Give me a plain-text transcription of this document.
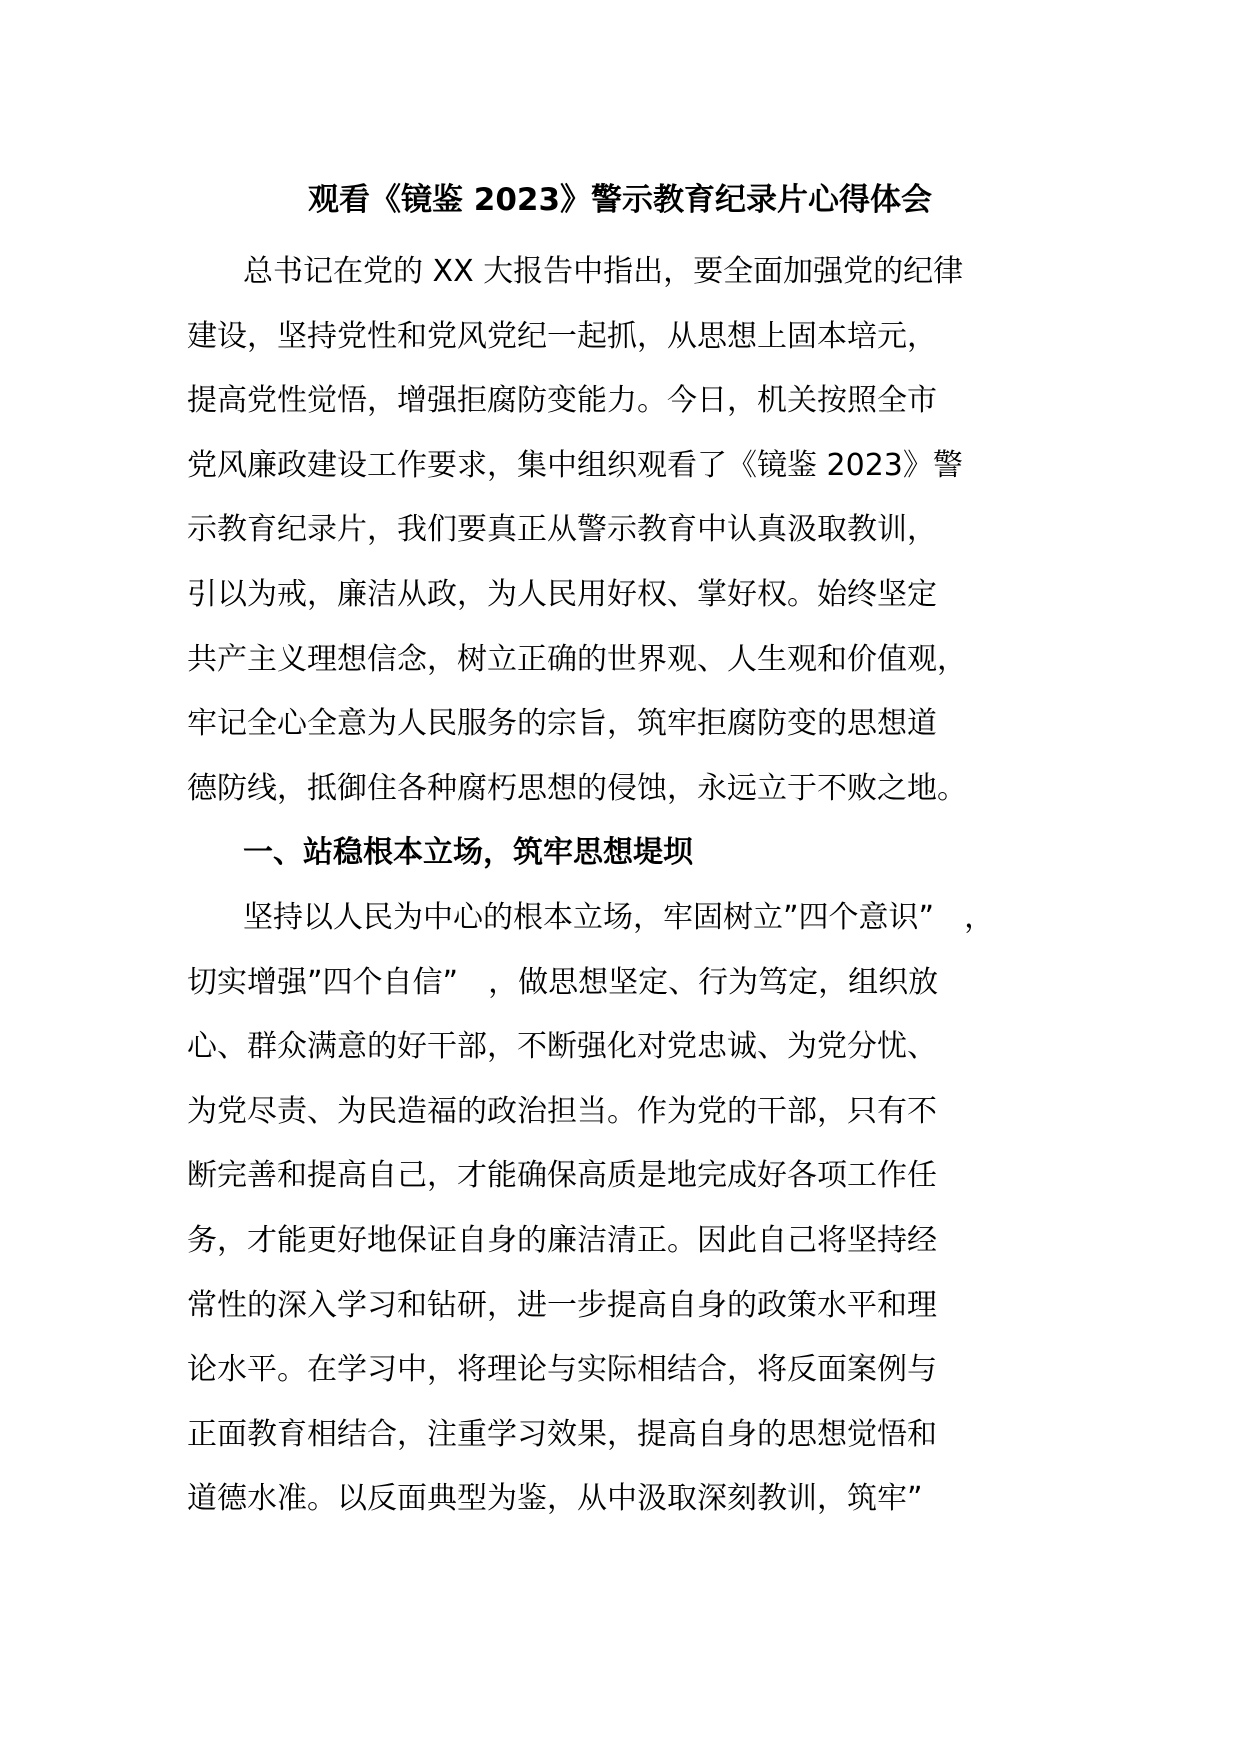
观看《镜鉴 2023》警示教育纪录片心得体会
总书记在党的 XX 大报告中指出，要全面加强党的纪律
建设，坚持党性和党风党纪一起抓，从思想上固本培元，
提高党性觉悟，增强拒腐防变能力。今日，机关按照全市
党风廉政建设工作要求，集中组织观看了《镜鉴 2023》警
示教育纪录片，我们要真正从警示教育中认真汲取教训，
引以为戒，廉洁从政，为人民用好权、掌好权。始终坚定
共产主义理想信念，树立正确的世界观、人生观和价值观，
牢记全心全意为人民服务的宗旨，筑牢拒腐防变的思想道
德防线，抵御住各种腐朽思想的侵蚀，永远立于不败之地。
一、站稳根本立场，筑牢思想堤坝
坚持以人民为中心的根本立场，牢固树立”四个意识”　，
切实增强”四个自信”　，做思想坚定、行为笃定，组织放
心、群众满意的好干部，不断强化对党忠诚、为党分忧、
为党尽责、为民造福的政治担当。作为党的干部，只有不
断完善和提高自己，才能确保高质是地完成好各项工作任
务，才能更好地保证自身的廉洁清正。因此自己将坚持经
常性的深入学习和钻研，进一步提高自身的政策水平和理
论水平。在学习中，将理论与实际相结合，将反面案例与
正面教育相结合，注重学习效果，提高自身的思想觉悟和
道德水准。以反面典型为鉴，从中汲取深刻教训，筑牢”
